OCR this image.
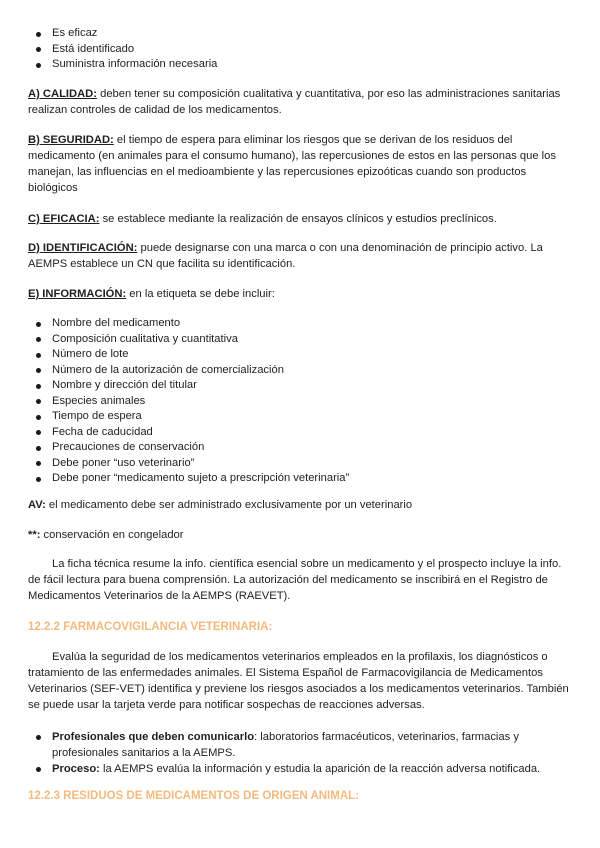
Es eficaz
Está identificado
Suministra información necesaria

A) CALIDAD: deben tener su composición cualitativa y cuantitativa, por eso las administraciones sanitarias realizan controles de calidad de los medicamentos.

B) SEGURIDAD: el tiempo de espera para eliminar los riesgos que se derivan de los residuos del medicamento (en animales para el consumo humano), las repercusiones de estos en las personas que los manejan, las influencias en el medioambiente y las repercusiones epizoóticas cuando son productos biológicos

C) EFICACIA: se establece mediante la realización de ensayos clínicos y estudios preclínicos.

D) IDENTIFICACIÓN: puede designarse con una marca o con una denominación de principio activo. La AEMPS establece un CN que facilita su identificación.

E) INFORMACIÓN: en la etiqueta se debe incluir:

Nombre del medicamento
Composición cualitativa y cuantitativa
Número de lote
Número de la autorización de comercialización
Nombre y dirección del titular
Especies animales
Tiempo de espera
Fecha de caducidad
Precauciones de conservación
Debe poner “uso veterinario”
Debe poner “medicamento sujeto a prescripción veterinaria”

AV: el medicamento debe ser administrado exclusivamente por un veterinario

**: conservación en congelador

La ficha técnica resume la info. científica esencial sobre un medicamento y el prospecto incluye la info. de fácil lectura para buena comprensión. La autorización del medicamento se inscribirá en el Registro de Medicamentos Veterinarios de la AEMPS (RAEVET).

12.2.2 FARMACOVIGILANCIA VETERINARIA:

Evalúa la seguridad de los medicamentos veterinarios empleados en la profilaxis, los diagnósticos o tratamiento de las enfermedades animales. El Sistema Español de Farmacovigilancia de Medicamentos Veterinarios (SEF-VET) identifica y previene los riesgos asociados a los medicamentos veterinarios. También se puede usar la tarjeta verde para notificar sospechas de reacciones adversas.

Profesionales que deben comunicarlo: laboratorios farmacéuticos, veterinarios, farmacias y profesionales sanitarios a la AEMPS.
Proceso: la AEMPS evalúa la información y estudia la aparición de la reacción adversa notificada.
12.2.3 RESIDUOS DE MEDICAMENTOS DE ORIGEN ANIMAL:
